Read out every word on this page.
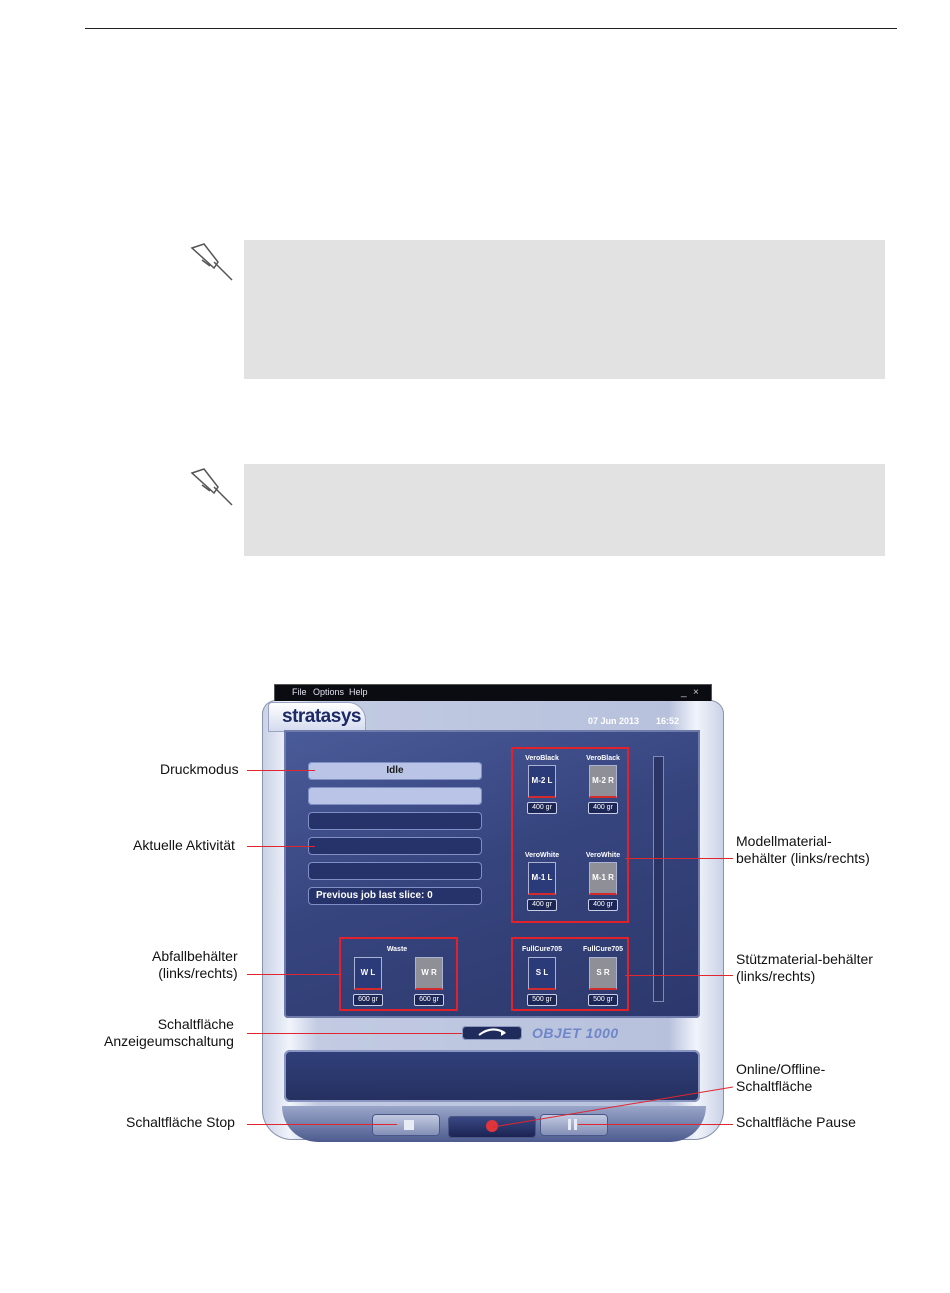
File Options Help	_ ×
stratasys	07 Jun 2013 16:52
Idle
Previous job last slice: 0
VeroBlack	VeroBlack
M-2 L	M-2 R
400 gr	400 gr
VeroWhite	VeroWhite
M-1 L	M-1 R
400 gr	400 gr
Waste
W L	W R
600 gr	600 gr
FullCure705	FullCure705
S L	S R
500 gr	500 gr
OBJET 1000
Druckmodus
Aktuelle Aktivität
Abfallbehälter
(links/rechts)
Schaltfläche
Anzeigeumschaltung
Schaltfläche Stop
Modellmaterial-
behälter (links/rechts)
Stützmaterial-behälter
(links/rechts)
Online/Offline-
Schaltfläche
Schaltfläche Pause
